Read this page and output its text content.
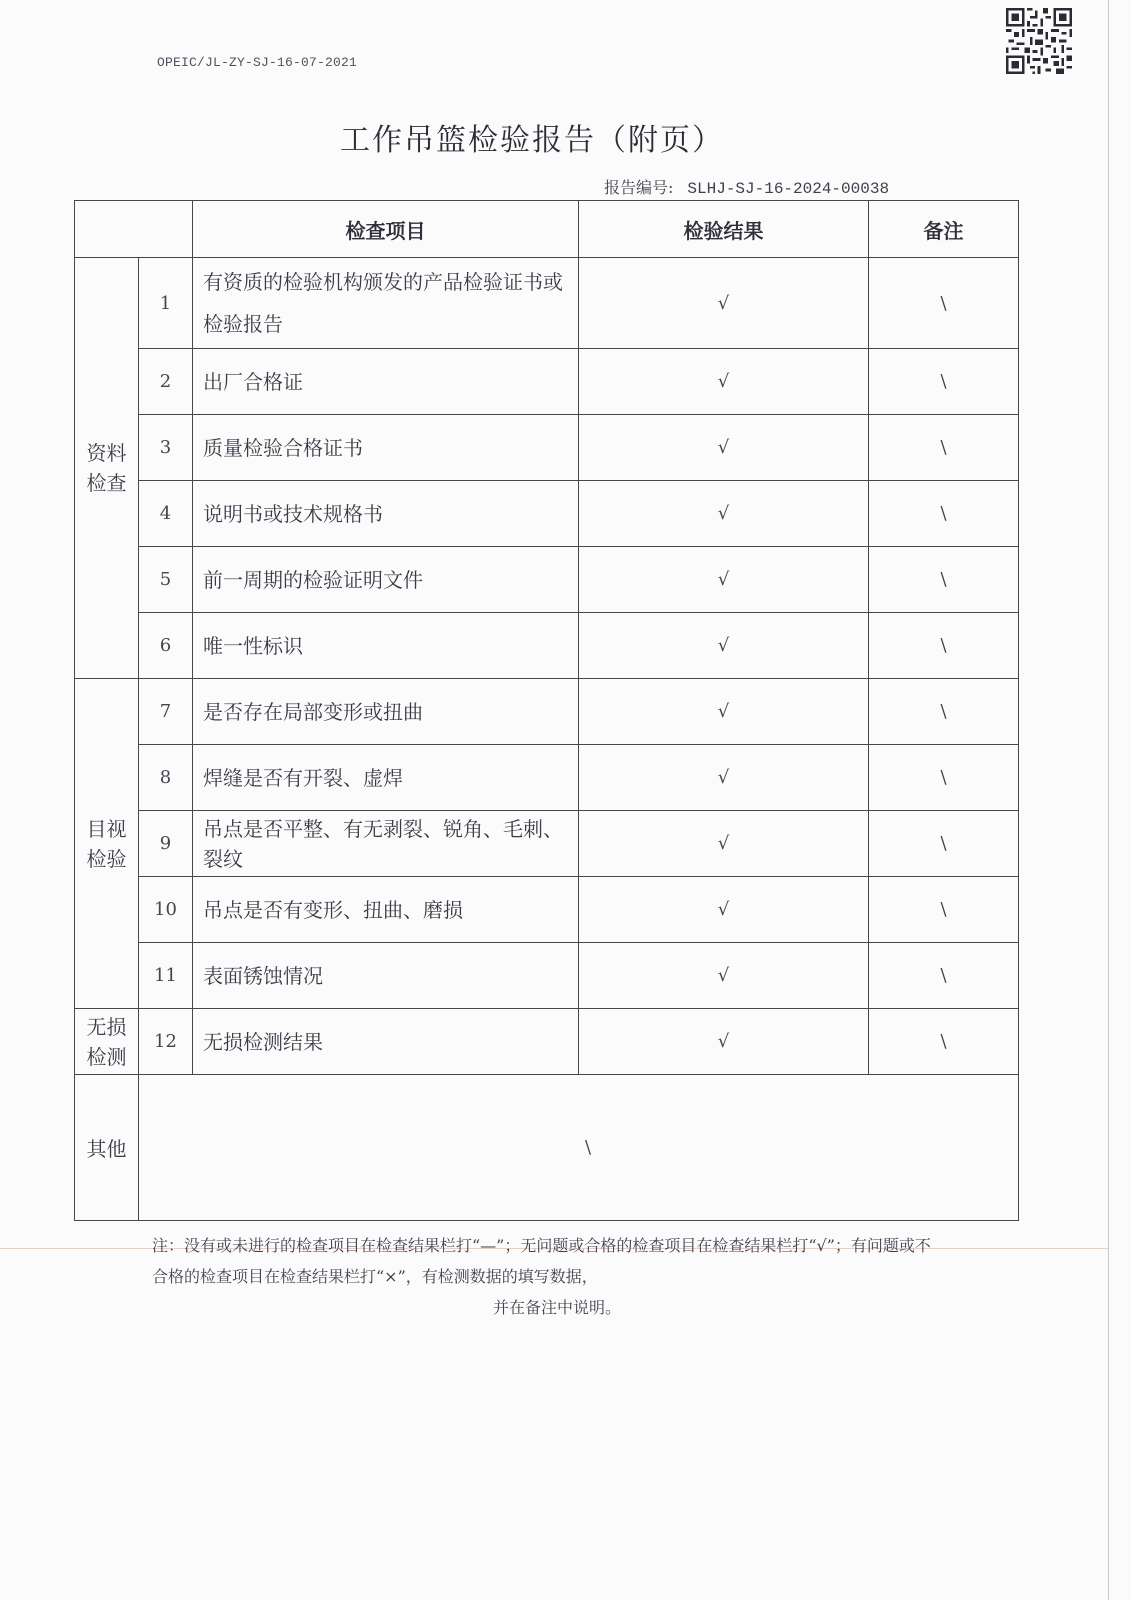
OPEIC/JL-ZY-SJ-16-07-2021
工作吊篮检验报告（附页）
报告编号: SLHJ-SJ-16-2024-00038
		检查项目	检验结果	备注

资料
检查	1	有资质的检验机构颁发的产品检验证书或检验报告	√	\
	2	出厂合格证	√	\
	3	质量检验合格证书	√	\
	4	说明书或技术规格书	√	\
	5	前一周期的检验证明文件	√	\
	6	唯一性标识	√	\

目视
检验	7	是否存在局部变形或扭曲	√	\
	8	焊缝是否有开裂、虚焊	√	\
	9	吊点是否平整、有无剥裂、锐角、毛刺、裂纹	√	\
	10	吊点是否有变形、扭曲、磨损	√	\
	11	表面锈蚀情况	√	\

无损
检测	12	无损检测结果	√	\
其他	\			
注：没有或未进行的检查项目在检查结果栏打“—”；无问题或合格的检查项目在检查结果栏打“√”；有问题或不合格的检查项目在检查结果栏打“×”，有检测数据的填写数据，
并在备注中说明。
